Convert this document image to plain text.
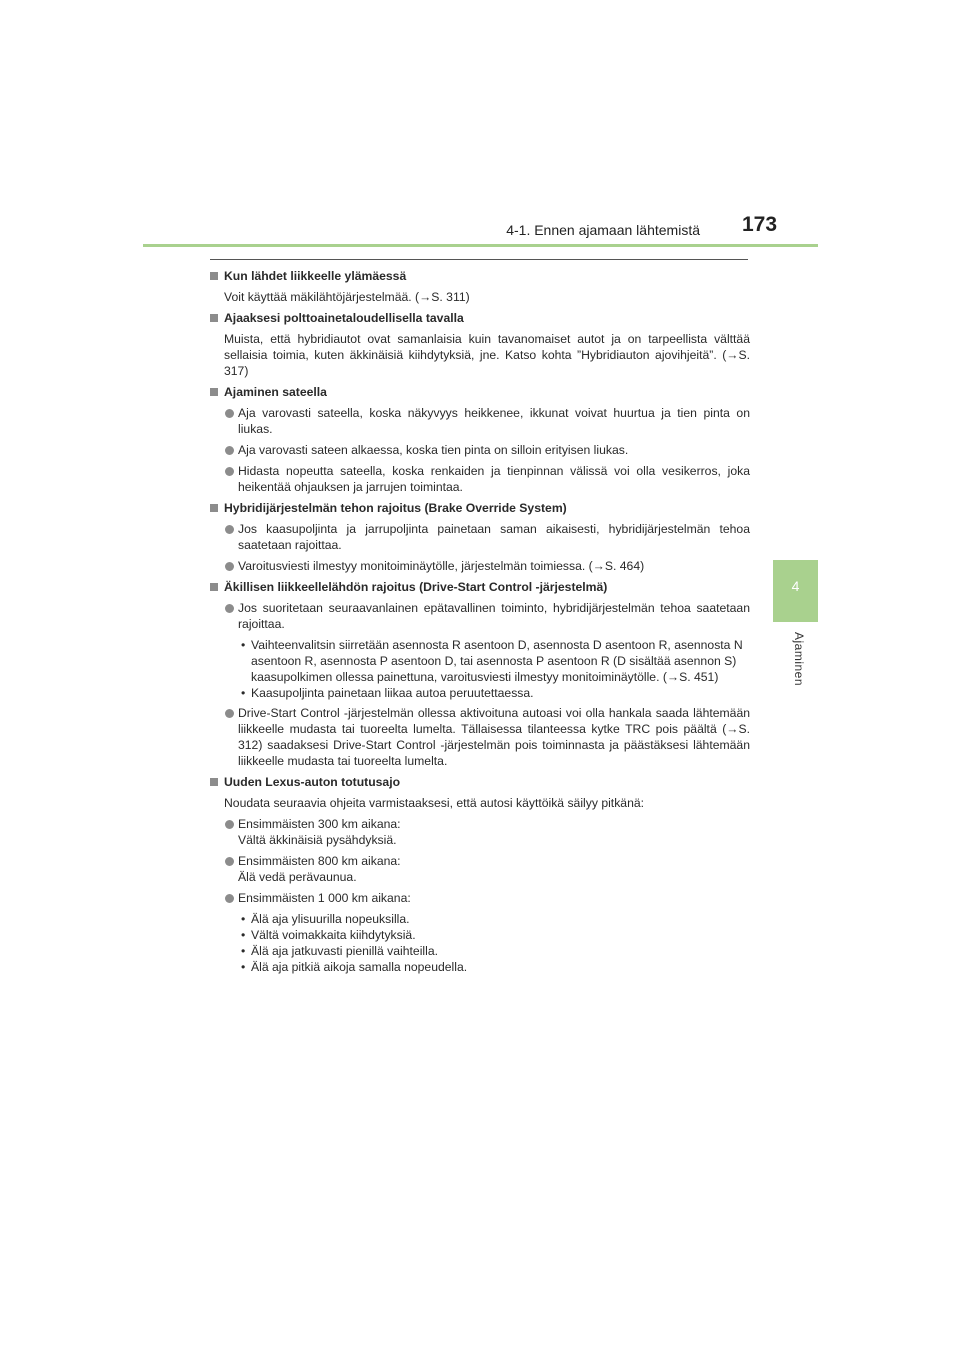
4-1. Ennen ajamaan lähtemistä 173
4
Ajaminen
Kun lähdet liikkeelle ylämäessä
Voit käyttää mäkilähtöjärjestelmää. (→S. 311)
Ajaaksesi polttoainetaloudellisella tavalla
Muista, että hybridiautot ovat samanlaisia kuin tavanomaiset autot ja on tarpeellista välttää sellaisia toimia, kuten äkkinäisiä kiihdytyksiä, jne. Katso kohta ”Hybridiauton ajovihjeitä”. (→S. 317)
Ajaminen sateella
Aja varovasti sateella, koska näkyvyys heikkenee, ikkunat voivat huurtua ja tien pinta on liukas.
Aja varovasti sateen alkaessa, koska tien pinta on silloin erityisen liukas.
Hidasta nopeutta sateella, koska renkaiden ja tienpinnan välissä voi olla vesikerros, joka heikentää ohjauksen ja jarrujen toimintaa.
Hybridijärjestelmän tehon rajoitus (Brake Override System)
Jos kaasupoljinta ja jarrupoljinta painetaan saman aikaisesti, hybridijärjestelmän tehoa saatetaan rajoittaa.
Varoitusviesti ilmestyy monitoiminäytölle, järjestelmän toimiessa. (→S. 464)
Äkillisen liikkeellelähdön rajoitus (Drive-Start Control -järjestelmä)
Jos suoritetaan seuraavanlainen epätavallinen toiminto, hybridijärjestelmän tehoa saatetaan rajoittaa.
• Vaihteenvalitsin siirretään asennosta R asentoon D, asennosta D asentoon R, asennosta N asentoon R, asennosta P asentoon D, tai asennosta P asentoon R (D sisältää asennon S) kaasupolkimen ollessa painettuna, varoitusviesti ilmestyy monitoiminäytölle. (→S. 451)
• Kaasupoljinta painetaan liikaa autoa peruutettaessa.
Drive-Start Control -järjestelmän ollessa aktivoituna autoasi voi olla hankala saada lähtemään liikkeelle mudasta tai tuoreelta lumelta. Tällaisessa tilanteessa kytke TRC pois päältä (→S. 312) saadaksesi Drive-Start Control -järjestelmän pois toiminnasta ja päästäksesi lähtemään liikkeelle mudasta tai tuoreelta lumelta.
Uuden Lexus-auton totutusajo
Noudata seuraavia ohjeita varmistaaksesi, että autosi käyttöikä säilyy pitkänä:
Ensimmäisten 300 km aikana:
Vältä äkkinäisiä pysähdyksiä.
Ensimmäisten 800 km aikana:
Älä vedä perävaunua.
Ensimmäisten 1 000 km aikana:
• Älä aja ylisuurilla nopeuksilla.
• Vältä voimakkaita kiihdytyksiä.
• Älä aja jatkuvasti pienillä vaihteilla.
• Älä aja pitkiä aikoja samalla nopeudella.
